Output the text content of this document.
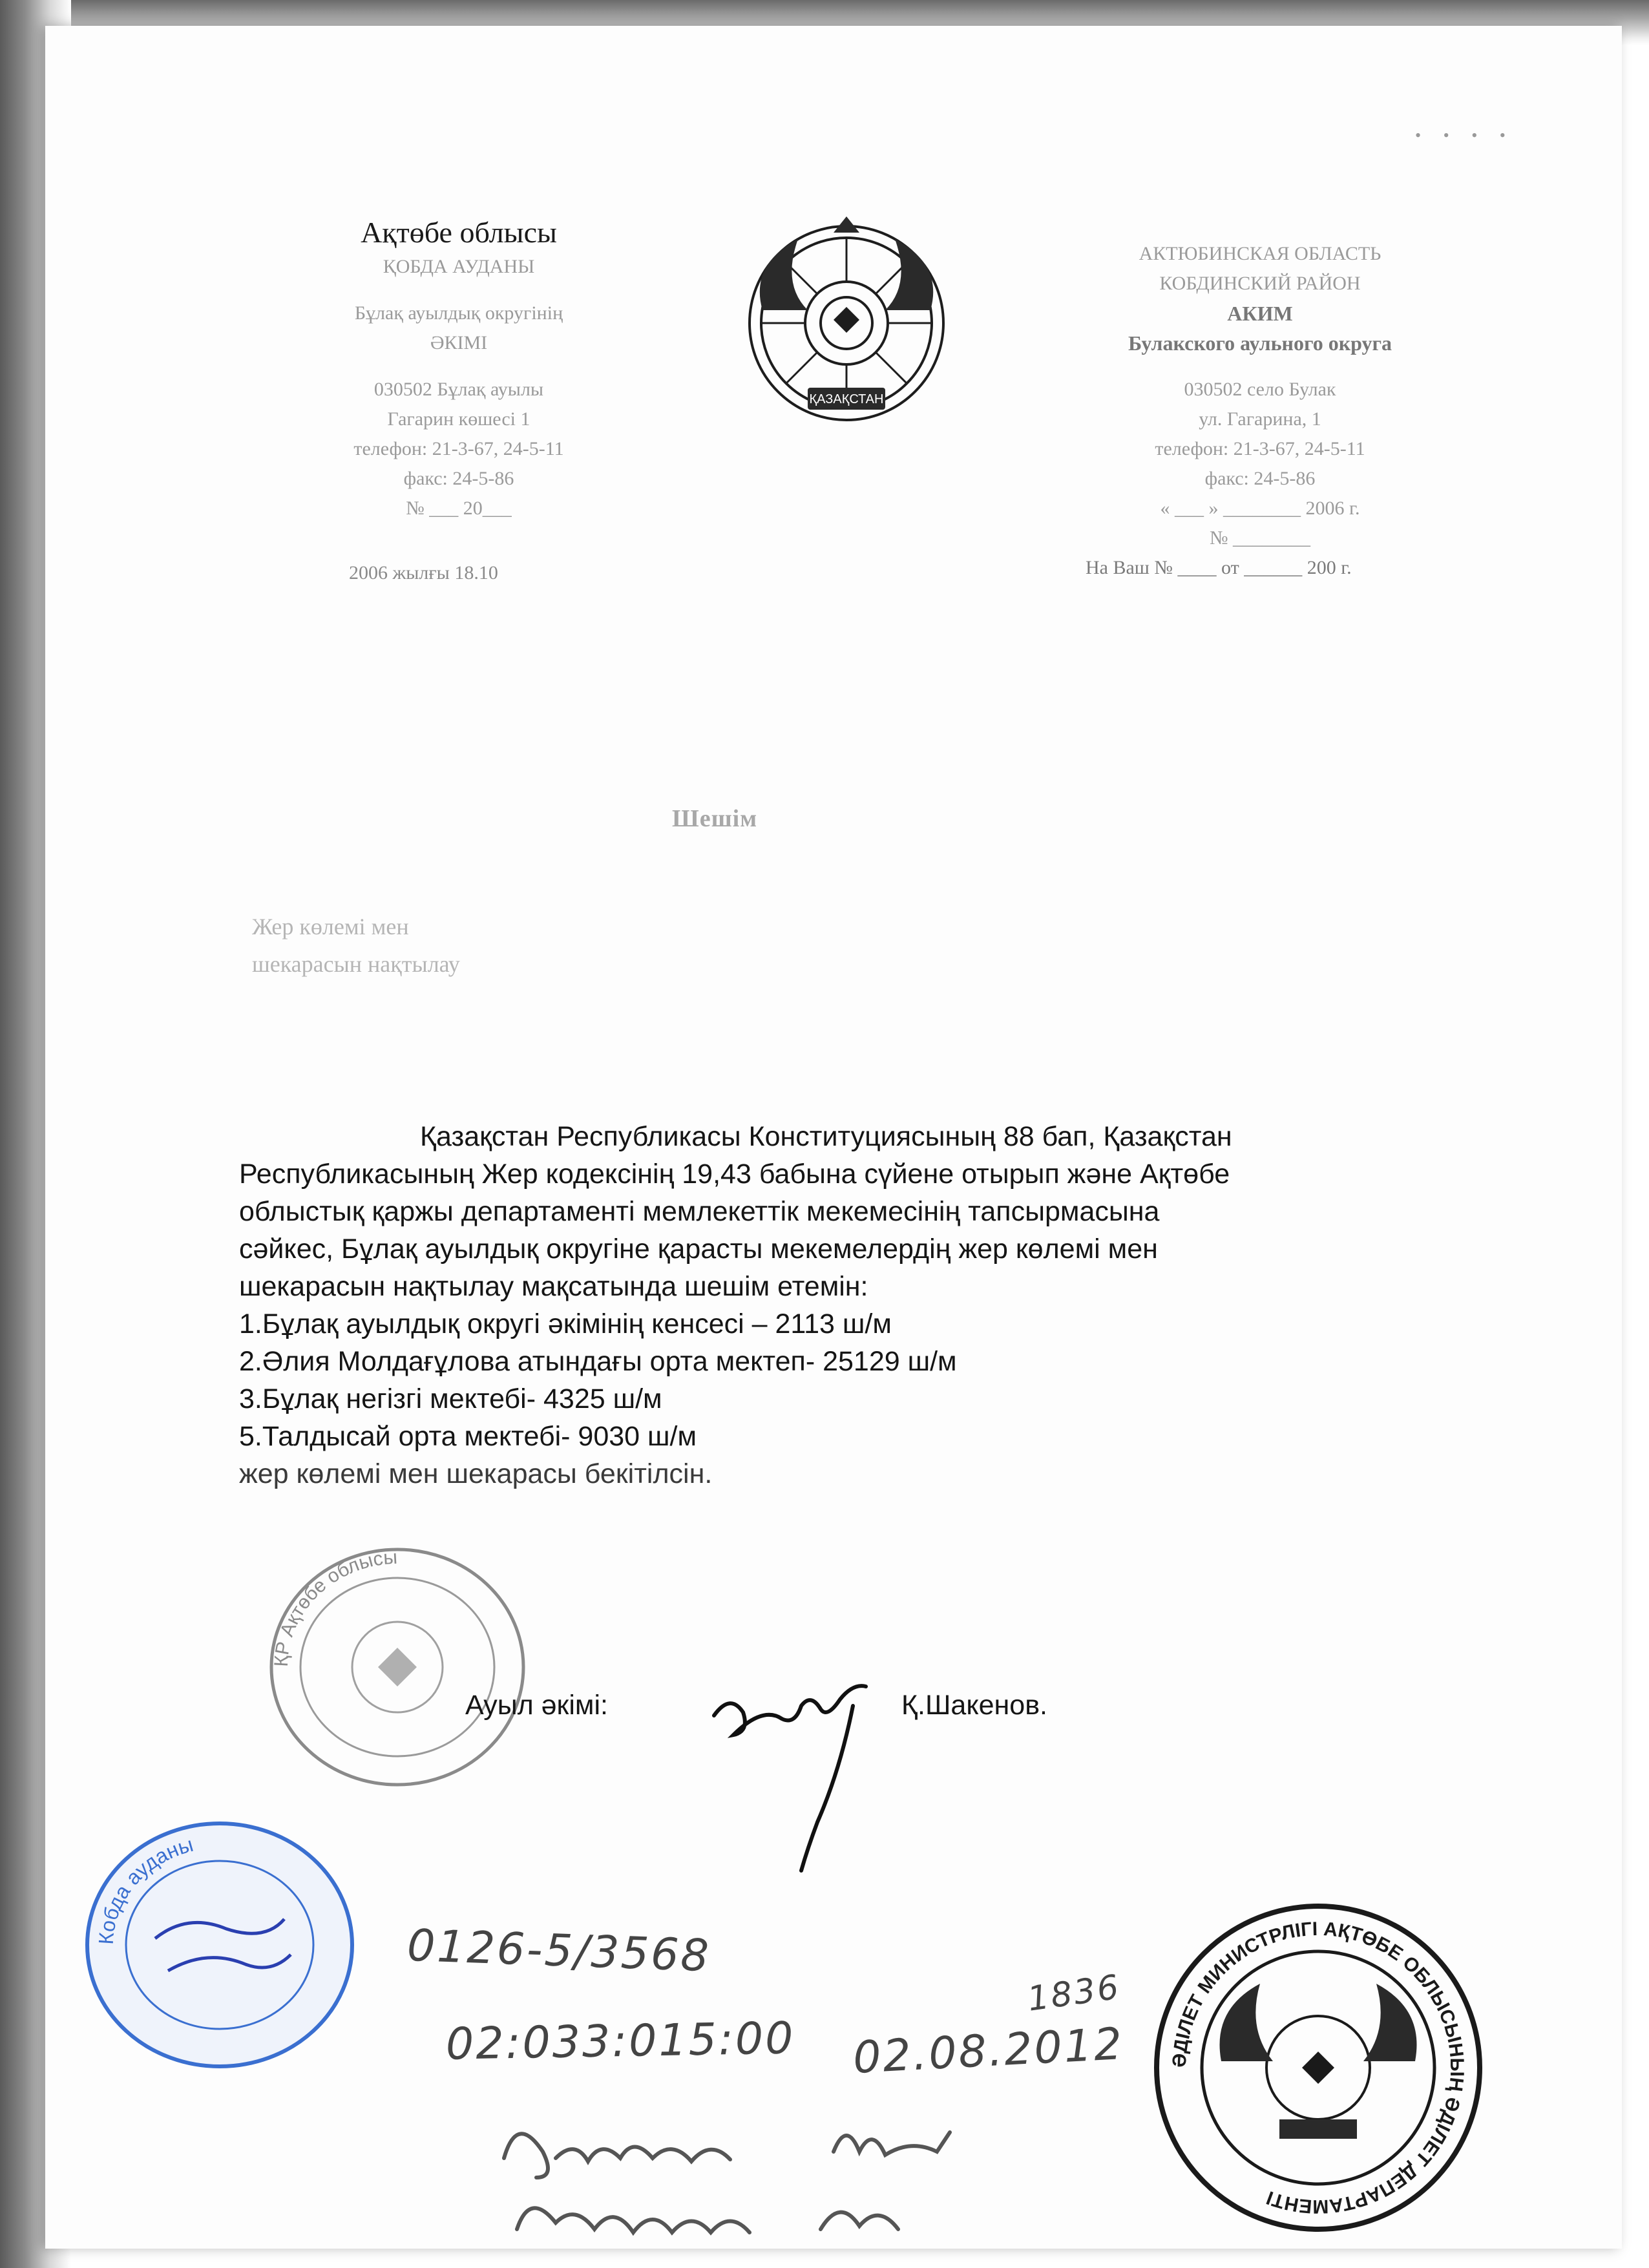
• • • •
Ақтөбе облысы
ҚОБДА АУДАНЫ
Бұлақ ауылдық округінің
ӘКІМІ
030502 Бұлақ ауылы
Гагарин көшесі 1
телефон: 21-3-67, 24-5-11
факс: 24-5-86
№ ___ 20___
2006 жылғы 18.10
ҚАЗАҚСТАН
АКТЮБИНСКАЯ ОБЛАСТЬ
КОБДИНСКИЙ РАЙОН
АКИМ
Булакского аульного округа
030502 село Булак
ул. Гагарина, 1
телефон: 21-3-67, 24-5-11
факс: 24-5-86
« ___ » ________ 2006 г.
№ ________
На Ваш № ____ от ______ 200 г.
Шешім
Жер көлемі мен
шекарасын нақтылау

Қазақстан Республикасы Конституциясының 88 бап, Қазақстан

Республикасының Жер кодексінің 19,43 бабына сүйене отырып және Ақтөбе

облыстық қаржы департаменті мемлекеттік мекемесінің тапсырмасына

сәйкес, Бұлақ ауылдық округіне қарасты мекемелердің жер көлемі мен

шекарасын нақтылау мақсатында шешім етемін:

1.Бұлақ ауылдық округі әкімінің кенсесі – 2113 ш/м

2.Әлия Молдағұлова атындағы орта мектеп- 25129 ш/м

3.Бұлақ негізгі мектебі- 4325 ш/м

5.Талдысай орта мектебі- 9030 ш/м

жер көлемі мен шекарасы бекітілсін.

ҚР Ақтөбе облысы
Ауыл әкімі:	Қ.Шакенов.
Кобда ауданы
ӘДІЛЕТ МИНИСТРЛІГІ АҚТӨБЕ ОБЛЫСЫНЫҢ ӘДІЛЕТ ДЕПАРТАМЕНТІ
0126-5/3568
02:033:015:00 02.08.2012
1836
